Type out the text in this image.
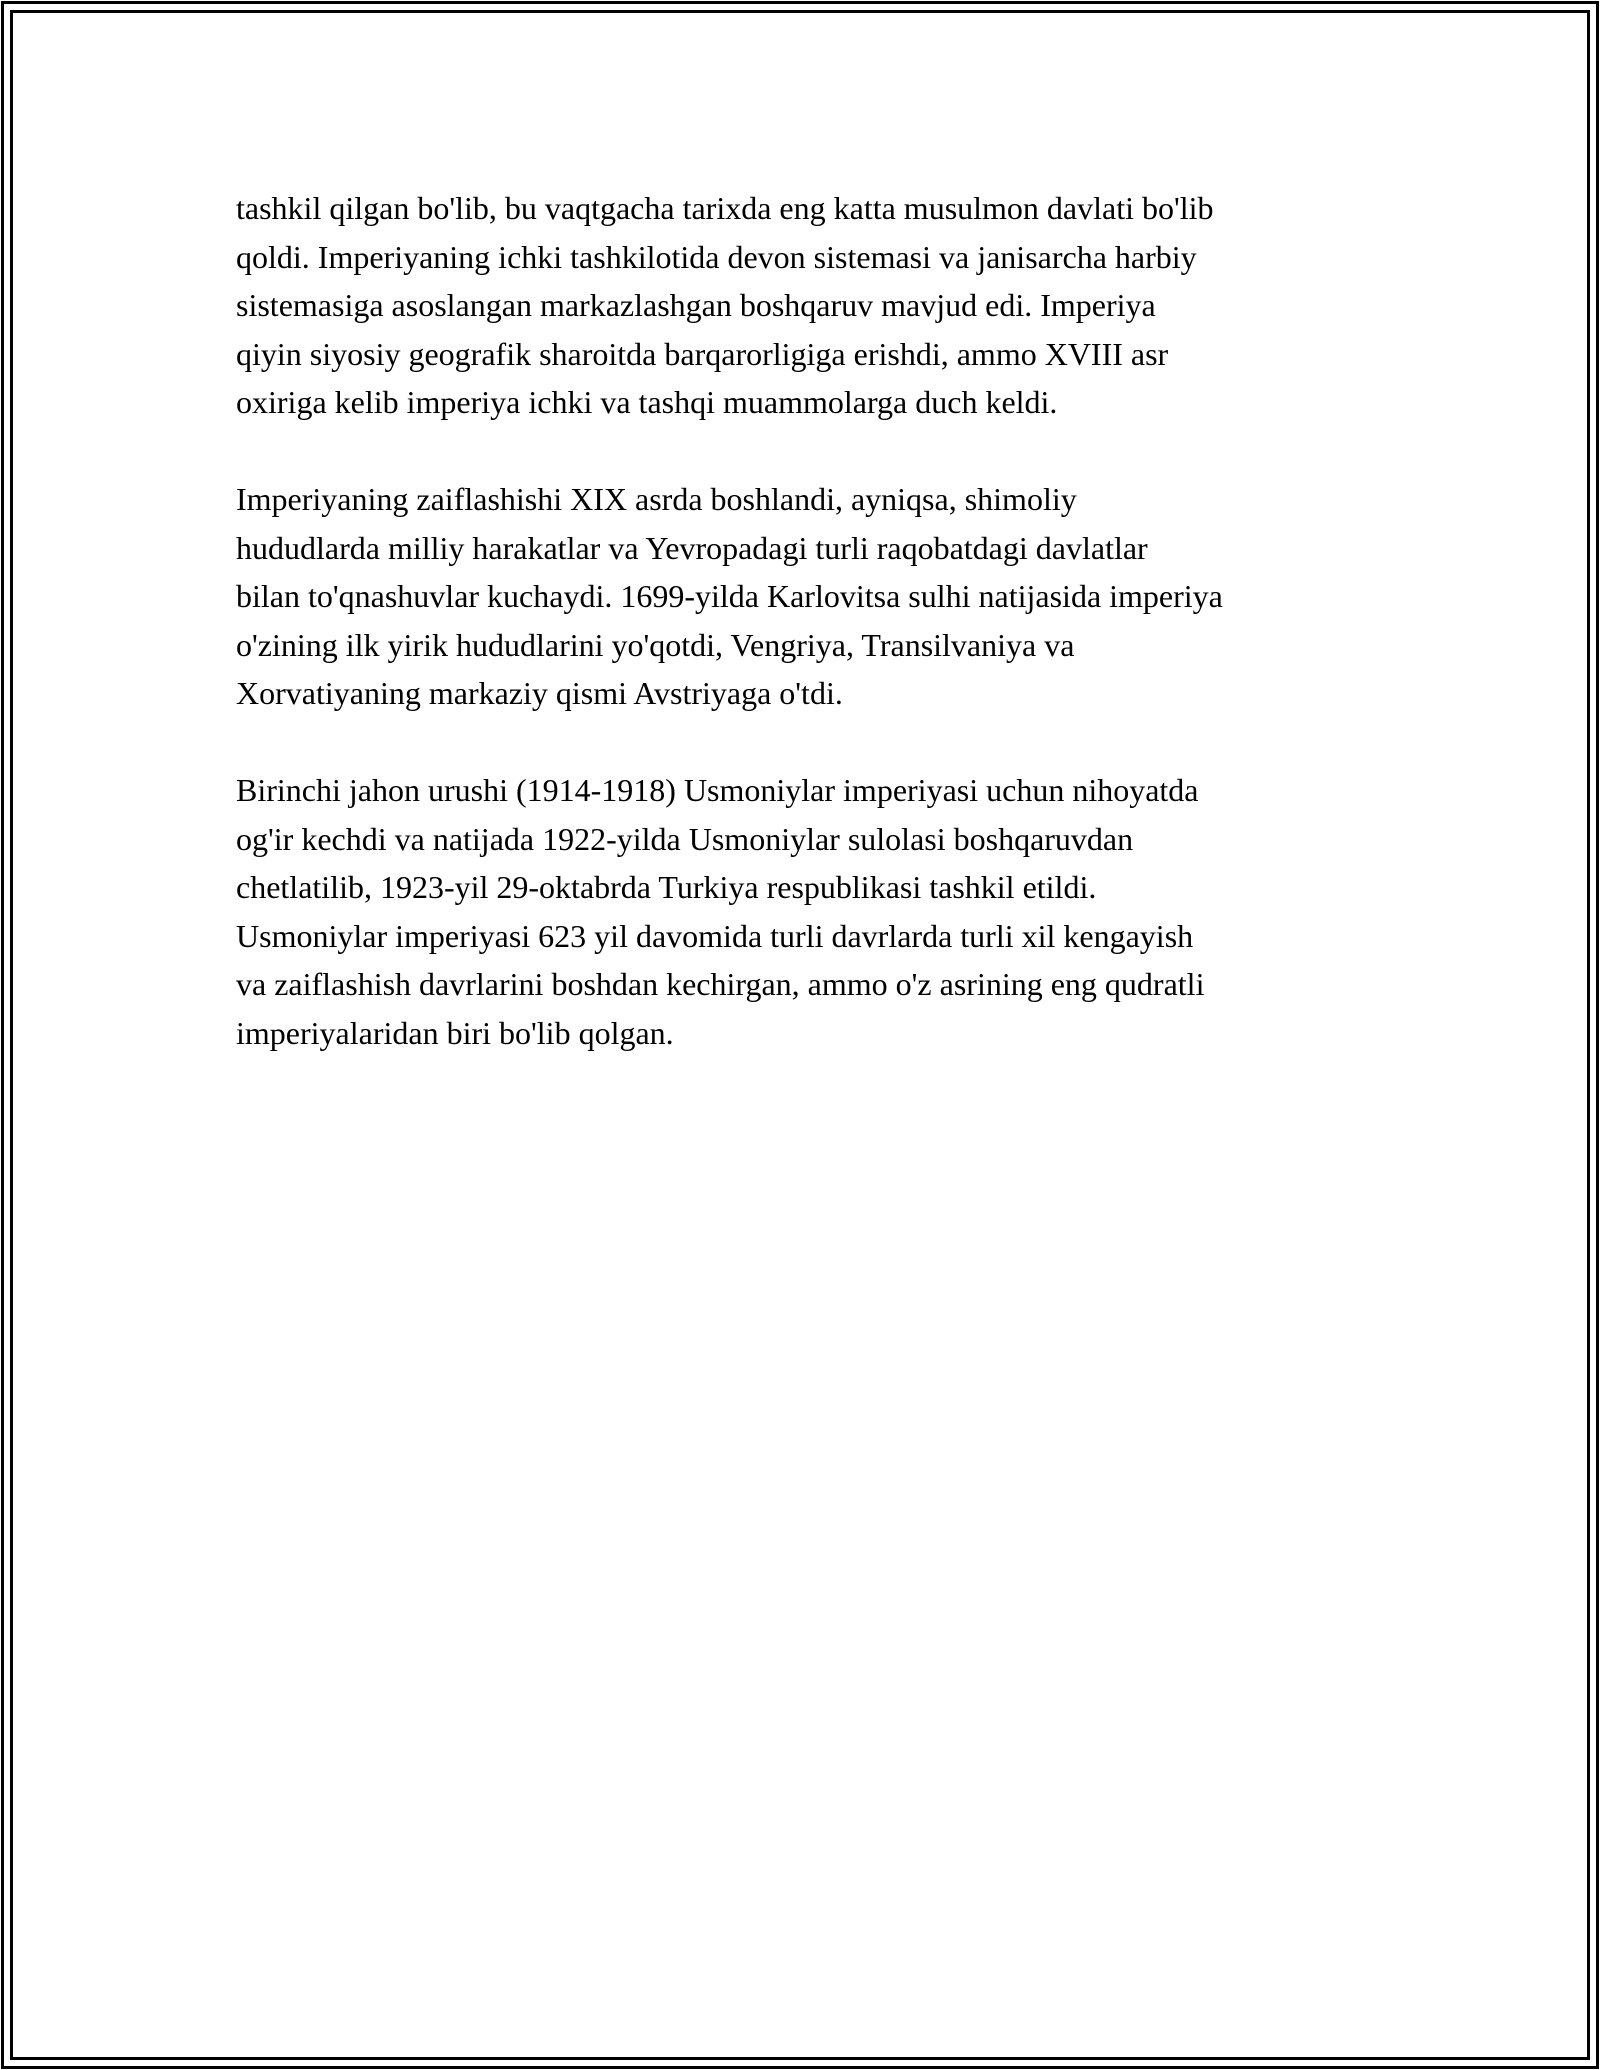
tashkil qilgan bo'lib, bu vaqtgacha tarixda eng katta musulmon davlati bo'lib
qoldi. Imperiyaning ichki tashkilotida devon sistemasi va janisarcha harbiy
sistemasiga asoslangan markazlashgan boshqaruv mavjud edi. Imperiya
qiyin siyosiy geografik sharoitda barqarorligiga erishdi, ammo XVIII asr
oxiriga kelib imperiya ichki va tashqi muammolarga duch keldi.

Imperiyaning zaiflashishi XIX asrda boshlandi, ayniqsa, shimoliy
hududlarda milliy harakatlar va Yevropadagi turli raqobatdagi davlatlar
bilan to'qnashuvlar kuchaydi. 1699-yilda Karlovitsa sulhi natijasida imperiya
o'zining ilk yirik hududlarini yo'qotdi, Vengriya, Transilvaniya va
Xorvatiyaning markaziy qismi Avstriyaga o'tdi.

Birinchi jahon urushi (1914-1918) Usmoniylar imperiyasi uchun nihoyatda
og'ir kechdi va natijada 1922-yilda Usmoniylar sulolasi boshqaruvdan
chetlatilib, 1923-yil 29-oktabrda Turkiya respublikasi tashkil etildi.
Usmoniylar imperiyasi 623 yil davomida turli davrlarda turli xil kengayish
va zaiflashish davrlarini boshdan kechirgan, ammo o'z asrining eng qudratli
imperiyalaridan biri bo'lib qolgan.
